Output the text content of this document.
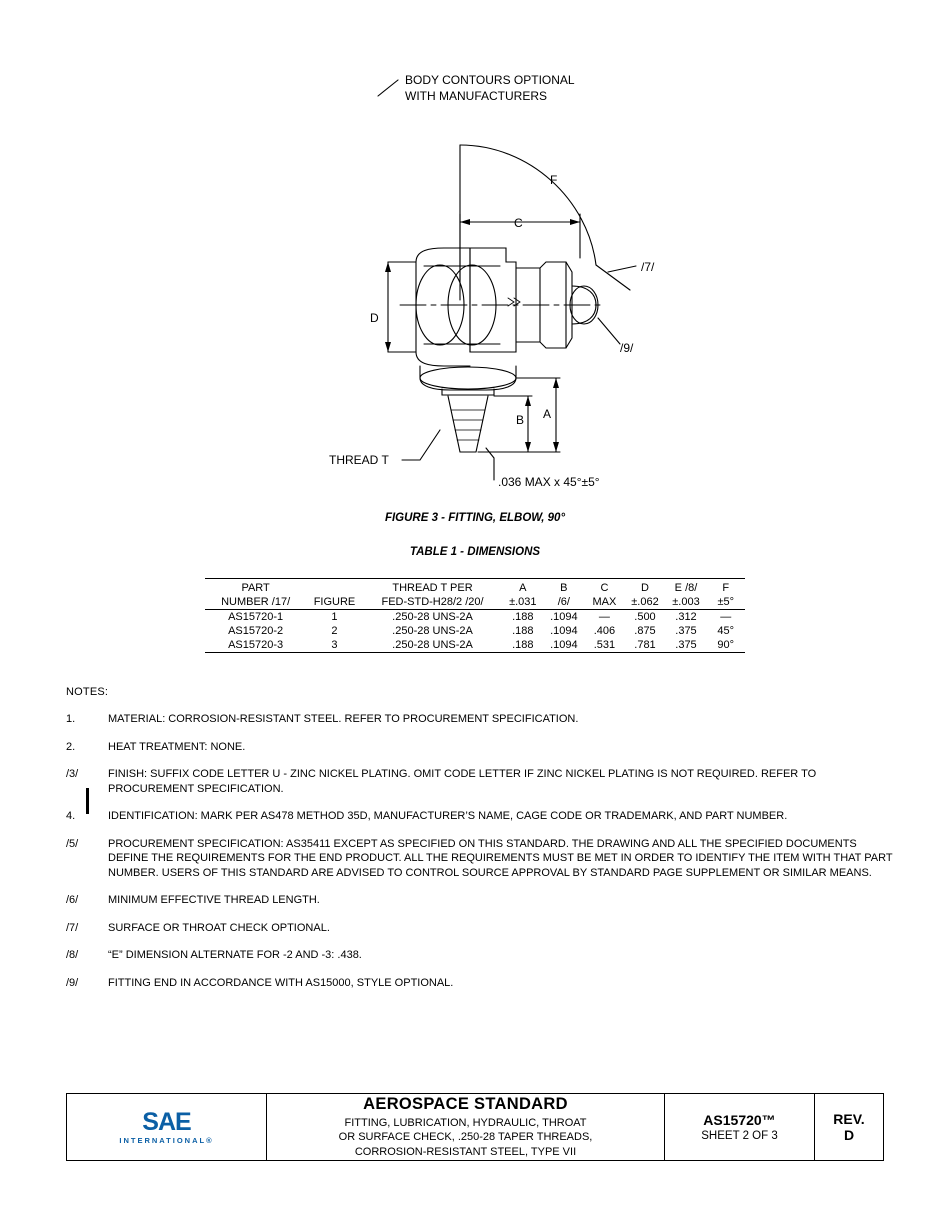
BODY CONTOURS OPTIONAL
WITH MANUFACTURERS
F
C
D
/7/
/9/
A
B
THREAD T
.036 MAX x 45°±5°
FIGURE 3 - FITTING, ELBOW, 90°
TABLE 1 - DIMENSIONS
PART		THREAD T PER	A	B	C	D	E /8/	F
NUMBER /17/	FIGURE	FED-STD-H28/2 /20/	±.031	/6/	MAX	±.062	±.003	±5°
AS15720-1	1	.250-28 UNS-2A	.188	.1094	—	.500	.312	—
AS15720-2	2	.250-28 UNS-2A	.188	.1094	.406	.875	.375	45°
AS15720-3	3	.250-28 UNS-2A	.188	.1094	.531	.781	.375	90°
NOTES:
1.	MATERIAL: CORROSION-RESISTANT STEEL. REFER TO PROCUREMENT SPECIFICATION.
2.	HEAT TREATMENT: NONE.
/3/	FINISH: SUFFIX CODE LETTER U - ZINC NICKEL PLATING. OMIT CODE LETTER IF ZINC NICKEL PLATING IS NOT REQUIRED. REFER TO PROCUREMENT SPECIFICATION.
4.	IDENTIFICATION: MARK PER AS478 METHOD 35D, MANUFACTURER’S NAME, CAGE CODE OR TRADEMARK, AND PART NUMBER.
/5/	PROCUREMENT SPECIFICATION: AS35411 EXCEPT AS SPECIFIED ON THIS STANDARD. THE DRAWING AND ALL THE SPECIFIED DOCUMENTS DEFINE THE REQUIREMENTS FOR THE END PRODUCT. ALL THE REQUIREMENTS MUST BE MET IN ORDER TO IDENTIFY THE ITEM WITH THAT PART NUMBER. USERS OF THIS STANDARD ARE ADVISED TO CONTROL SOURCE APPROVAL BY STANDARD PAGE SUPPLEMENT OR SIMILAR MEANS.
/6/	MINIMUM EFFECTIVE THREAD LENGTH.
/7/	SURFACE OR THROAT CHECK OPTIONAL.
/8/	“E” DIMENSION ALTERNATE FOR -2 AND -3: .438.
/9/	FITTING END IN ACCORDANCE WITH AS15000, STYLE OPTIONAL.
SAE
INTERNATIONAL®
AEROSPACE STANDARD
FITTING, LUBRICATION, HYDRAULIC, THROAT
OR SURFACE CHECK, .250-28 TAPER THREADS,
CORROSION-RESISTANT STEEL, TYPE VII
AS15720™
SHEET 2 OF 3
REV.
D
